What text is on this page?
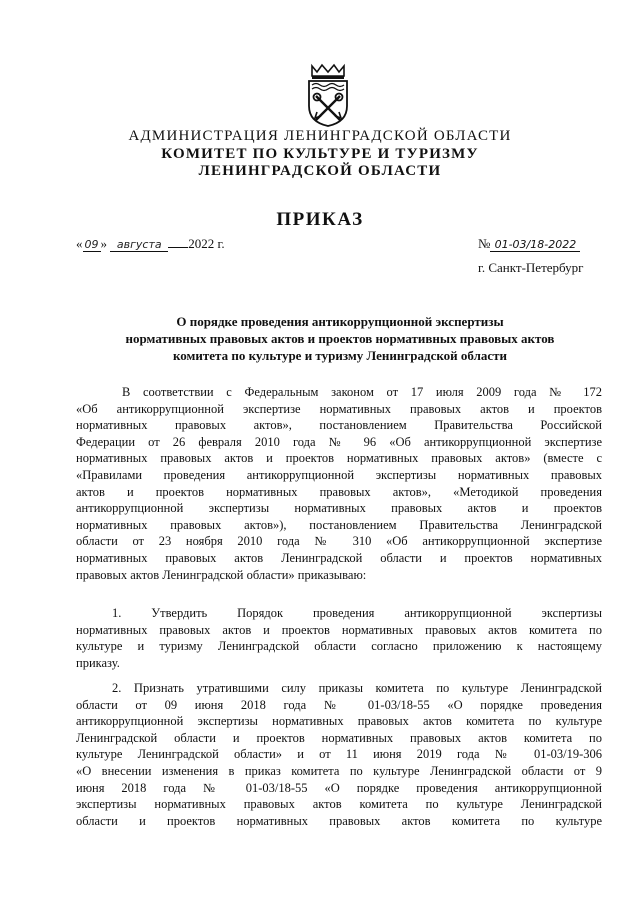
АДМИНИСТРАЦИЯ ЛЕНИНГРАДСКОЙ ОБЛАСТИ
КОМИТЕТ ПО КУЛЬТУРЕ И ТУРИЗМУ
ЛЕНИНГРАДСКОЙ ОБЛАСТИ
ПРИКАЗ
« 09 » августа 2022 г.	№ 01-03/18-2022
г. Санкт-Петербург
О порядке проведения антикоррупционной экспертизы
нормативных правовых актов и проектов нормативных правовых актов
комитета по культуре и туризму Ленинградской области
В соответствии с Федеральным законом от 17 июля 2009 года № 172
«Об антикоррупционной экспертизе нормативных правовых актов и проектов
нормативных правовых актов», постановлением Правительства Российской
Федерации от 26 февраля 2010 года № 96 «Об антикоррупционной экспертизе
нормативных правовых актов и проектов нормативных правовых актов» (вместе с
«Правилами проведения антикоррупционной экспертизы нормативных правовых
актов и проектов нормативных правовых актов», «Методикой проведения
антикоррупционной экспертизы нормативных правовых актов и проектов
нормативных правовых актов»), постановлением Правительства Ленинградской
области от 23 ноября 2010 года № 310 «Об антикоррупционной экспертизе
нормативных правовых актов Ленинградской области и проектов нормативных
правовых актов Ленинградской области» приказываю:
1. Утвердить Порядок проведения антикоррупционной экспертизы
нормативных правовых актов и проектов нормативных правовых актов комитета по
культуре и туризму Ленинградской области согласно приложению к настоящему
приказу.
2. Признать утратившими силу приказы комитета по культуре Ленинградской
области от 09 июня 2018 года № 01-03/18-55 «О порядке проведения
антикоррупционной экспертизы нормативных правовых актов комитета по культуре
Ленинградской области и проектов нормативных правовых актов комитета по
культуре Ленинградской области» и от 11 июня 2019 года № 01-03/19-306
«О внесении изменения в приказ комитета по культуре Ленинградской области от 9
июня 2018 года № 01-03/18-55 «О порядке проведения антикоррупционной
экспертизы нормативных правовых актов комитета по культуре Ленинградской
области и проектов нормативных правовых актов комитета по культуре
